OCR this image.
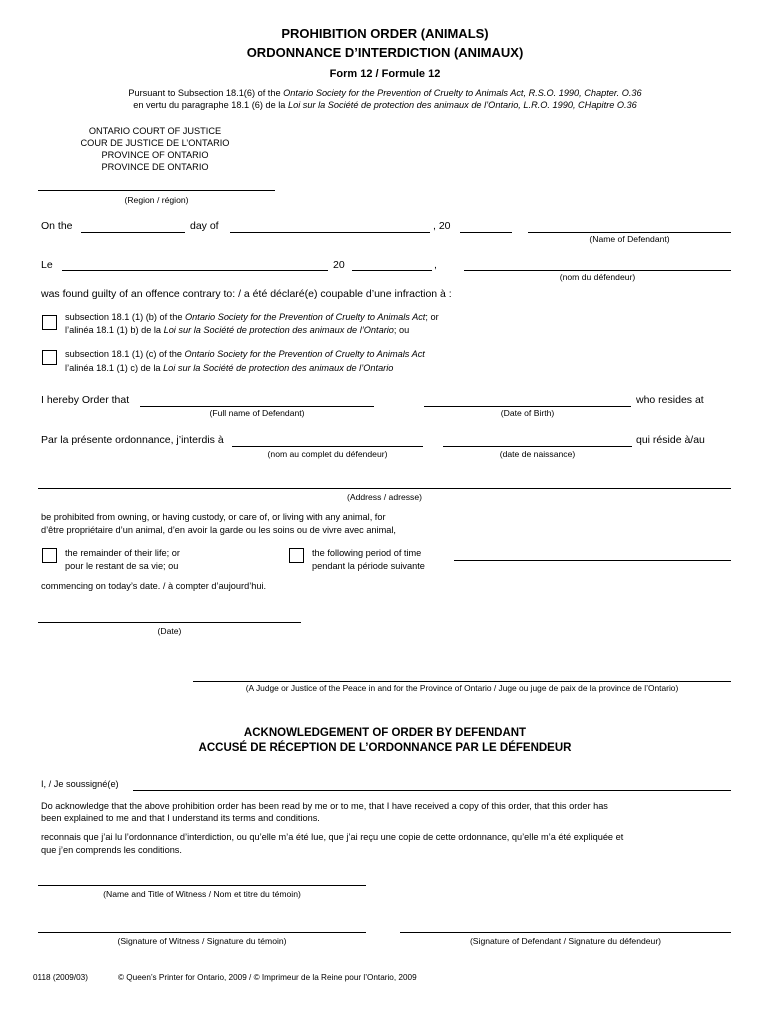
PROHIBITION ORDER (ANIMALS)
ORDONNANCE D’INTERDICTION (ANIMAUX)
Form 12 / Formule 12
Pursuant to Subsection 18.1(6) of the Ontario Society for the Prevention of Cruelty to Animals Act, R.S.O. 1990, Chapter. O.36
en vertu du paragraphe 18.1 (6) de la Loi sur la Société de protection des animaux de l’Ontario, L.R.O. 1990, CHapitre O.36
ONTARIO COURT OF JUSTICE
COUR DE JUSTICE DE L’ONTARIO
PROVINCE OF ONTARIO
PROVINCE DE ONTARIO
(Region / région)
On the	day of	, 20
(Name of Defendant)
Le	20	,
(nom du défendeur)
was found guilty of an offence contrary to: / a été déclaré(e) coupable d’une infraction à :
subsection 18.1 (1) (b) of the Ontario Society for the Prevention of Cruelty to Animals Act; or
l’alinéa 18.1 (1) b) de la Loi sur la Société de protection des animaux de l’Ontario; ou
subsection 18.1 (1) (c) of the Ontario Society for the Prevention of Cruelty to Animals Act
l’alinéa 18.1 (1) c) de la Loi sur la Société de protection des animaux de l’Ontario
I hereby Order that
(Full name of Defendant)	(Date of Birth)
who resides at
Par la présente ordonnance, j’interdis à
(nom au complet du défendeur)	(date de naissance)
qui réside à/au
(Address / adresse)
be prohibited from owning, or having custody, or care of, or living with any animal, for
d’être propriétaire d’un animal, d’en avoir la garde ou les soins ou de vivre avec animal,
the remainder of their life; or
pour le restant de sa vie; ou
the following period of time
pendant la période suivante
commencing on today’s date. / à compter d’aujourd’hui.
(Date)
(A Judge or Justice of the Peace in and for the Province of Ontario / Juge ou juge de paix de la province de l’Ontario)
ACKNOWLEDGEMENT OF ORDER BY DEFENDANT
ACCUSÉ DE RÉCEPTION DE L’ORDONNANCE PAR LE DÉFENDEUR
I, / Je soussigné(e)
Do acknowledge that the above prohibition order has been read by me or to me, that I have received a copy of this order, that this order has
been explained to me and that I understand its terms and conditions.
reconnais que j’ai lu l’ordonnance d’interdiction, ou qu’elle m’a été lue, que j’ai reçu une copie de cette ordonnance, qu’elle m’a été expliquée et
que j’en comprends les conditions.
(Name and Title of Witness / Nom et titre du témoin)
(Signature of Witness / Signature du témoin)	(Signature of Defendant / Signature du défendeur)
0118 (2009/03)	© Queen’s Printer for Ontario, 2009 / © Imprimeur de la Reine pour l’Ontario, 2009
